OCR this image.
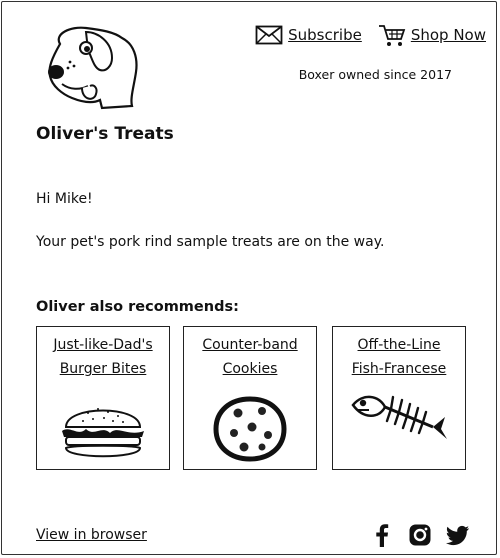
Oliver's Treats
Subscribe	Shop Now
Boxer owned since 2017
Hi Mike!
Your pet's pork rind sample treats are on the way.
Oliver also recommends:
Just-like-Dad's
Burger Bites
Counter-band
Cookies
Off-the-Line
Fish-Francese
View in browser
